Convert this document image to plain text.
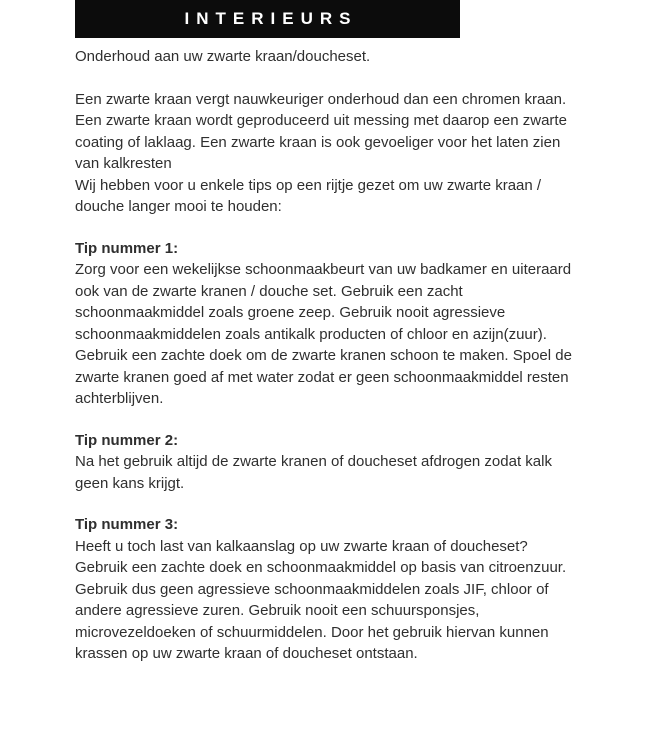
INTERIEURS

Onderhoud aan uw zwarte kraan/doucheset.

Een zwarte kraan vergt nauwkeuriger onderhoud dan een chromen kraan. Een zwarte kraan wordt geproduceerd uit messing met daarop een zwarte coating of laklaag. Een zwarte kraan is ook gevoeliger voor het laten zien van kalkresten

Wij hebben voor u enkele tips op een rijtje gezet om uw zwarte kraan / douche langer mooi te houden:

Tip nummer 1:

Zorg voor een wekelijkse schoonmaakbeurt van uw badkamer en uiteraard ook van de zwarte kranen / douche set. Gebruik een zacht schoonmaakmiddel zoals groene zeep. Gebruik nooit agressieve schoonmaakmiddelen zoals antikalk producten of chloor en azijn(zuur).

Gebruik een zachte doek om de zwarte kranen schoon te maken. Spoel de zwarte kranen goed af met water zodat er geen schoonmaakmiddel resten achterblijven.

Tip nummer 2:

Na het gebruik altijd de zwarte kranen of doucheset afdrogen zodat kalk geen kans krijgt.

Tip nummer 3:

Heeft u toch last van kalkaanslag op uw zwarte kraan of doucheset? Gebruik een zachte doek en schoonmaakmiddel op basis van citroenzuur. Gebruik dus geen agressieve schoonmaakmiddelen zoals JIF, chloor of andere agressieve zuren. Gebruik nooit een schuursponsjes, microvezeldoeken of schuurmiddelen. Door het gebruik hiervan kunnen krassen op uw zwarte kraan of doucheset ontstaan.
